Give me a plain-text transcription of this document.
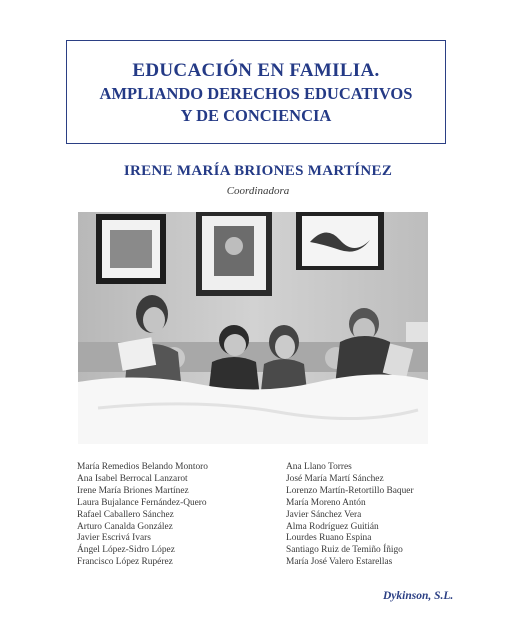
EDUCACIÓN EN FAMILIA.
AMPLIANDO DERECHOS EDUCATIVOS
Y DE CONCIENCIA
IRENE MARÍA BRIONES MARTÍNEZ
Coordinadora
María Remedios Belando Montoro
Ana Isabel Berrocal Lanzarot
Irene María Briones Martínez
Laura Bujalance Fernández-Quero
Rafael Caballero Sánchez
Arturo Canalda González
Javier Escrivá Ivars
Ángel López-Sidro López
Francisco López Rupérez
Ana Llano Torres
José María Martí Sánchez
Lorenzo Martín-Retortillo Baquer
María Moreno Antón
Javier Sánchez Vera
Alma Rodríguez Guitián
Lourdes Ruano Espina
Santiago Ruiz de Temiño Íñigo
María José Valero Estarellas
Dykinson, S.L.
